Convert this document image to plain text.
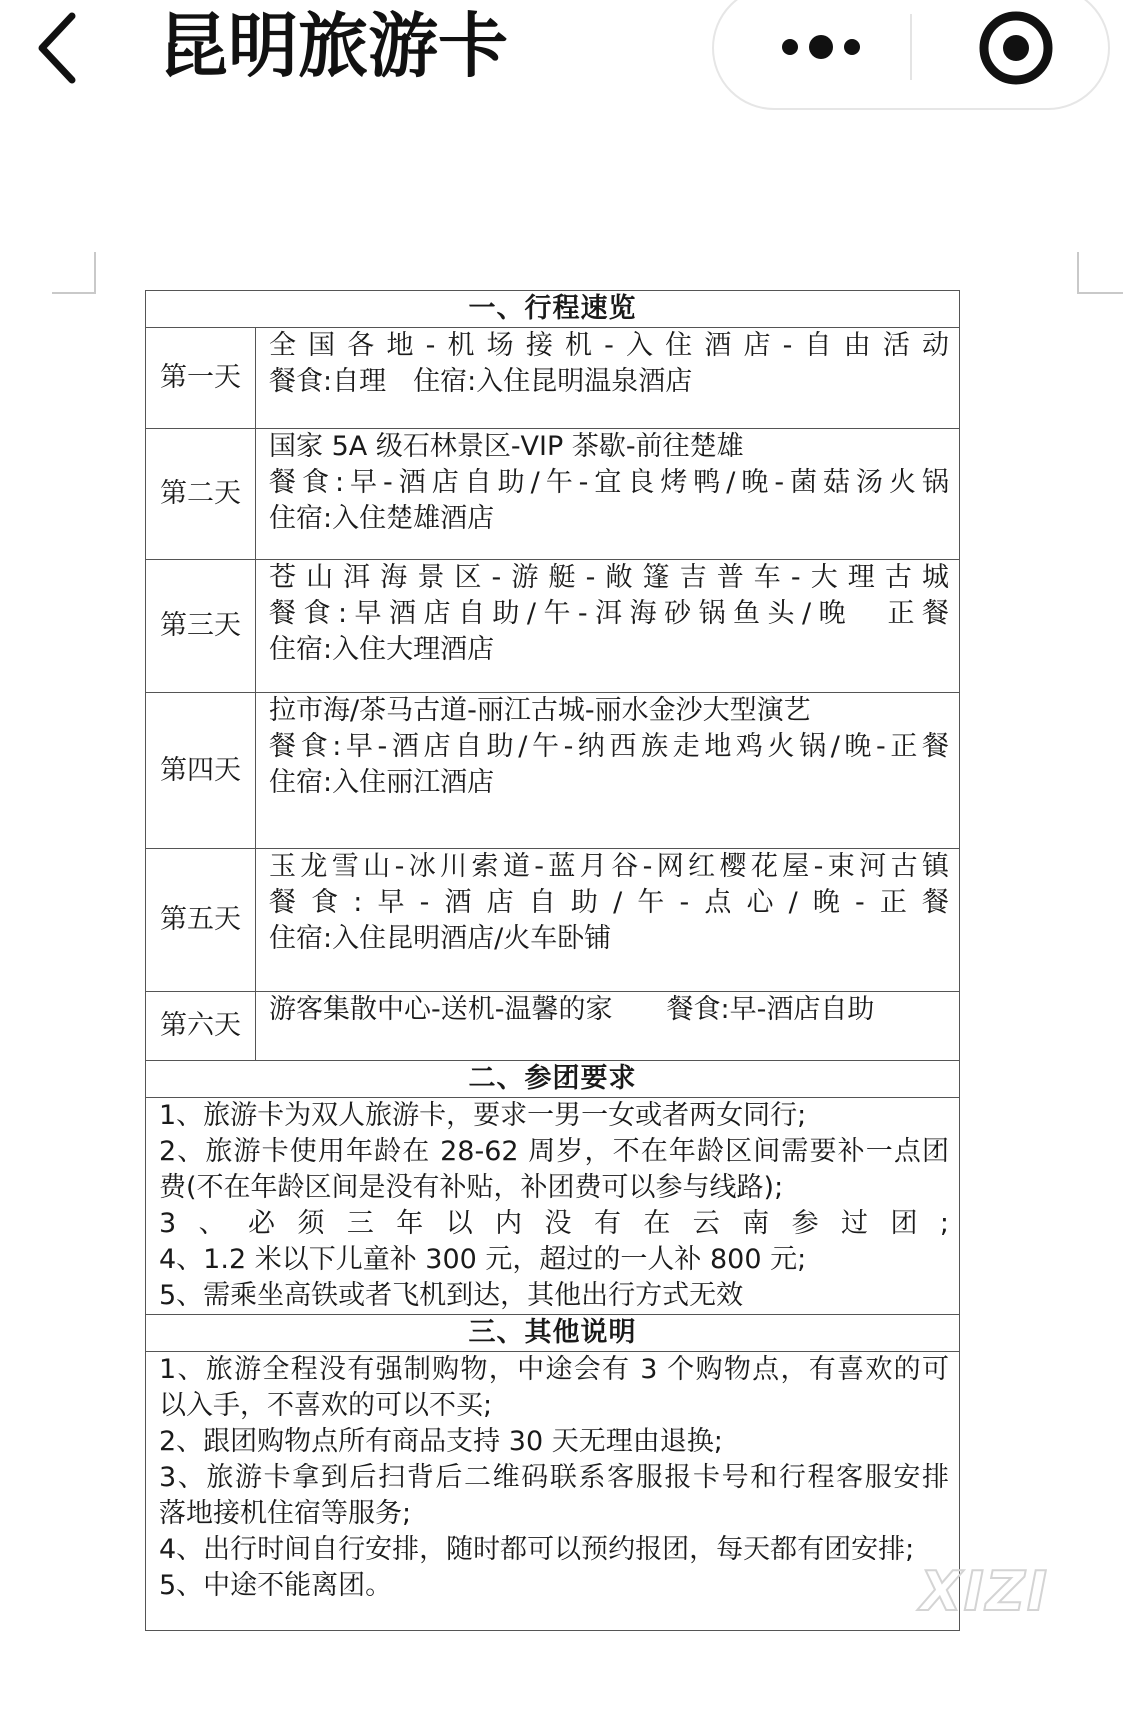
昆明旅游卡
一、行程速览
第一天
全国各地-机场接机-入住酒店-自由活动
餐食:自理　住宿:入住昆明温泉酒店
第二天
国家 5A 级石林景区-VIP 茶歇-前往楚雄
餐食:早-酒店自助/午-宜良烤鸭/晚-菌菇汤火锅
住宿:入住楚雄酒店
第三天
苍山洱海景区-游艇-敞篷吉普车-大理古城
餐食:早酒店自助/午-洱海砂锅鱼头/晚　正餐
住宿:入住大理酒店
第四天
拉市海/茶马古道-丽江古城-丽水金沙大型演艺
餐食:早-酒店自助/午-纳西族走地鸡火锅/晚-正餐
住宿:入住丽江酒店
第五天
玉龙雪山-冰川索道-蓝月谷-网红樱花屋-束河古镇
餐食:早-酒店自助/午-点心/晚-正餐
住宿:入住昆明酒店/火车卧铺
第六天
游客集散中心-送机-温馨的家　　餐食:早-酒店自助
二、参团要求
1、旅游卡为双人旅游卡，要求一男一女或者两女同行;
2、旅游卡使用年龄在 28-62 周岁，不在年龄区间需要补一点团
费(不在年龄区间是没有补贴，补团费可以参与线路);
3、必须三年以内没有在云南参过团;
4、1.2 米以下儿童补 300 元，超过的一人补 800 元;
5、需乘坐高铁或者飞机到达，其他出行方式无效
三、其他说明
1、旅游全程没有强制购物，中途会有 3 个购物点，有喜欢的可
以入手，不喜欢的可以不买;
2、跟团购物点所有商品支持 30 天无理由退换;
3、旅游卡拿到后扫背后二维码联系客服报卡号和行程客服安排
落地接机住宿等服务;
4、出行时间自行安排，随时都可以预约报团，每天都有团安排;
5、中途不能离团。	XIZI
